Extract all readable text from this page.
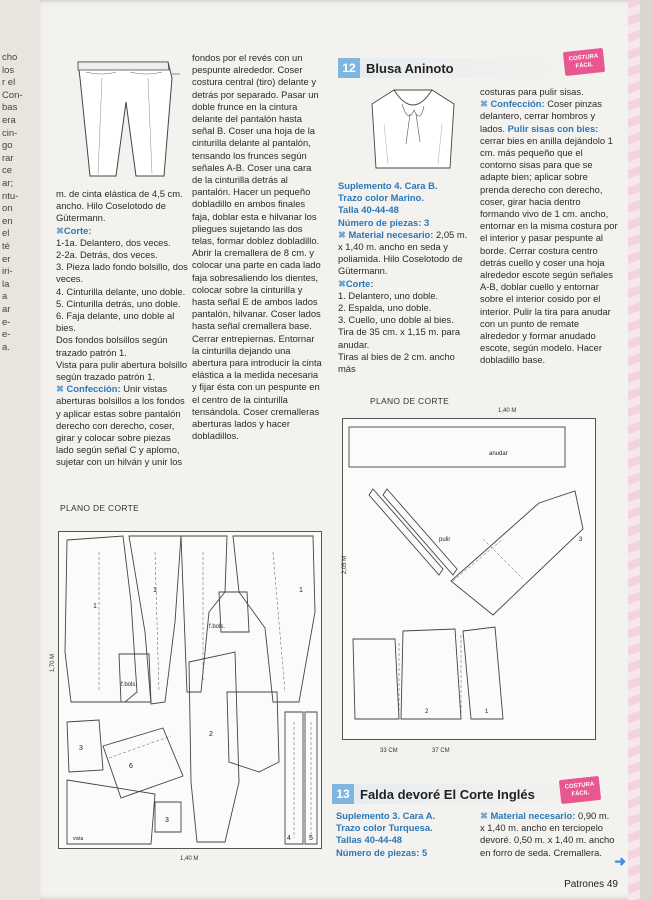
cho
los
r el
Con-
bas
era
cin-
go
rar
ce
ar;
ntu-
on
en
el
té
er
iri-
la
a
ar
e-
e-
a.

m. de cinta elástica de 4,5 cm. ancho. Hilo Coselotodo de Gütermann.

✖Corte:

1-1a. Delantero, dos veces.

2-2a. Detrás, dos veces.

3. Pieza lado fondo bolsillo, dos veces.

4. Cinturilla delante, uno doble.

5. Cinturilla detrás, uno doble.

6. Faja delante, uno doble al bies.

Dos fondos bolsillos según trazado patrón 1.

Vista para pulir abertura bolsillo según trazado patrón 1.

✖ Confección: Unir vistas aberturas bolsillos a los fondos y aplicar estas sobre pantalón derecho con derecho, coser, girar y colocar sobre piezas lado según señal C y aplomo, sujetar con un hilván y unir los

fondos por el revés con un pespunte alrededor. Coser costura central (tiro) delante y detrás por separado. Pasar un doble frunce en la cintura delante del pantalón hasta señal B. Coser una hoja de la cinturilla delante al pantalón, tensando los frunces según señales A-B. Coser una cara de la cinturilla detrás al pantalón. Hacer un pequeño dobladillo en ambos finales faja, doblar esta e hilvanar los pliegues sujetando las dos telas, formar doblez dobladillo. Abrir la cremallera de 8 cm. y colocar una parte en cada lado faja sobresaliendo los dientes, colocar sobre la cinturilla y hasta señal E de ambos lados pantalón, hilvanar. Coser lados hasta señal cremallera base. Cerrar entrepiernas. Entornar la cinturilla dejando una abertura para introducir la cinta elástica a la medida necesaria y fijar ésta con un pespunte en el centro de la cinturilla tensándola. Coser cremalleras aberturas lados y hacer dobladillos.

PLANO DE CORTE
1
1
f.bols.
1
f.bols.
2
3
6
3
4	5
vista
1,70 M
1,40 M
12 Blusa Aninoto
COSTURA FÁCIL

Suplemento 4. Cara B.

Trazo color Marino.

Talla 40-44-48

Número de piezas: 3

✖ Material necesario: 2,05 m. x 1,40 m. ancho en seda y poliamida. Hilo Coselotodo de Gütermann.

✖Corte:

1. Delantero, uno doble.

2. Espalda, uno doble.

3. Cuello, uno doble al bies.

Tira de 35 cm. x 1,15 m. para anudar.

Tiras al bies de 2 cm. ancho más

costuras para pulir sisas.

✖ Confección: Coser pinzas delantero, cerrar hombros y lados. Pulir sisas con bies: cerrar bies en anilla dejándolo 1 cm. más pequeño que el contorno sisas para que se adapte bien; aplicar sobre prenda derecho con derecho, coser, girar hacia dentro formando vivo de 1 cm. ancho, entornar en la misma costura por el interior y pasar pespunte al borde. Cerrar costura centro detrás cuello y coser una hoja alrededor escote según señales A-B, doblar cuello y entornar sobre el interior cosido por el interior. Pulir la tira para anudar con un punto de remate alrededor y formar anudado escote, según modelo. Hacer dobladillo base.

PLANO DE CORTE
1,40 M
anudar
pulir	3
2	1
2,05 M
33 CM	37 CM
13 Falda devoré El Corte Inglés
COSTURA FÁCIL

Suplemento 3. Cara A.

Trazo color Turquesa.

Tallas 40-44-48

Número de piezas: 5

✖ Material necesario: 0,90 m. x 1,40 m. ancho en terciopelo devoré. 0,50 m. x 1,40 m. ancho en forro de seda. Cremallera.

➜
Patrones 49
